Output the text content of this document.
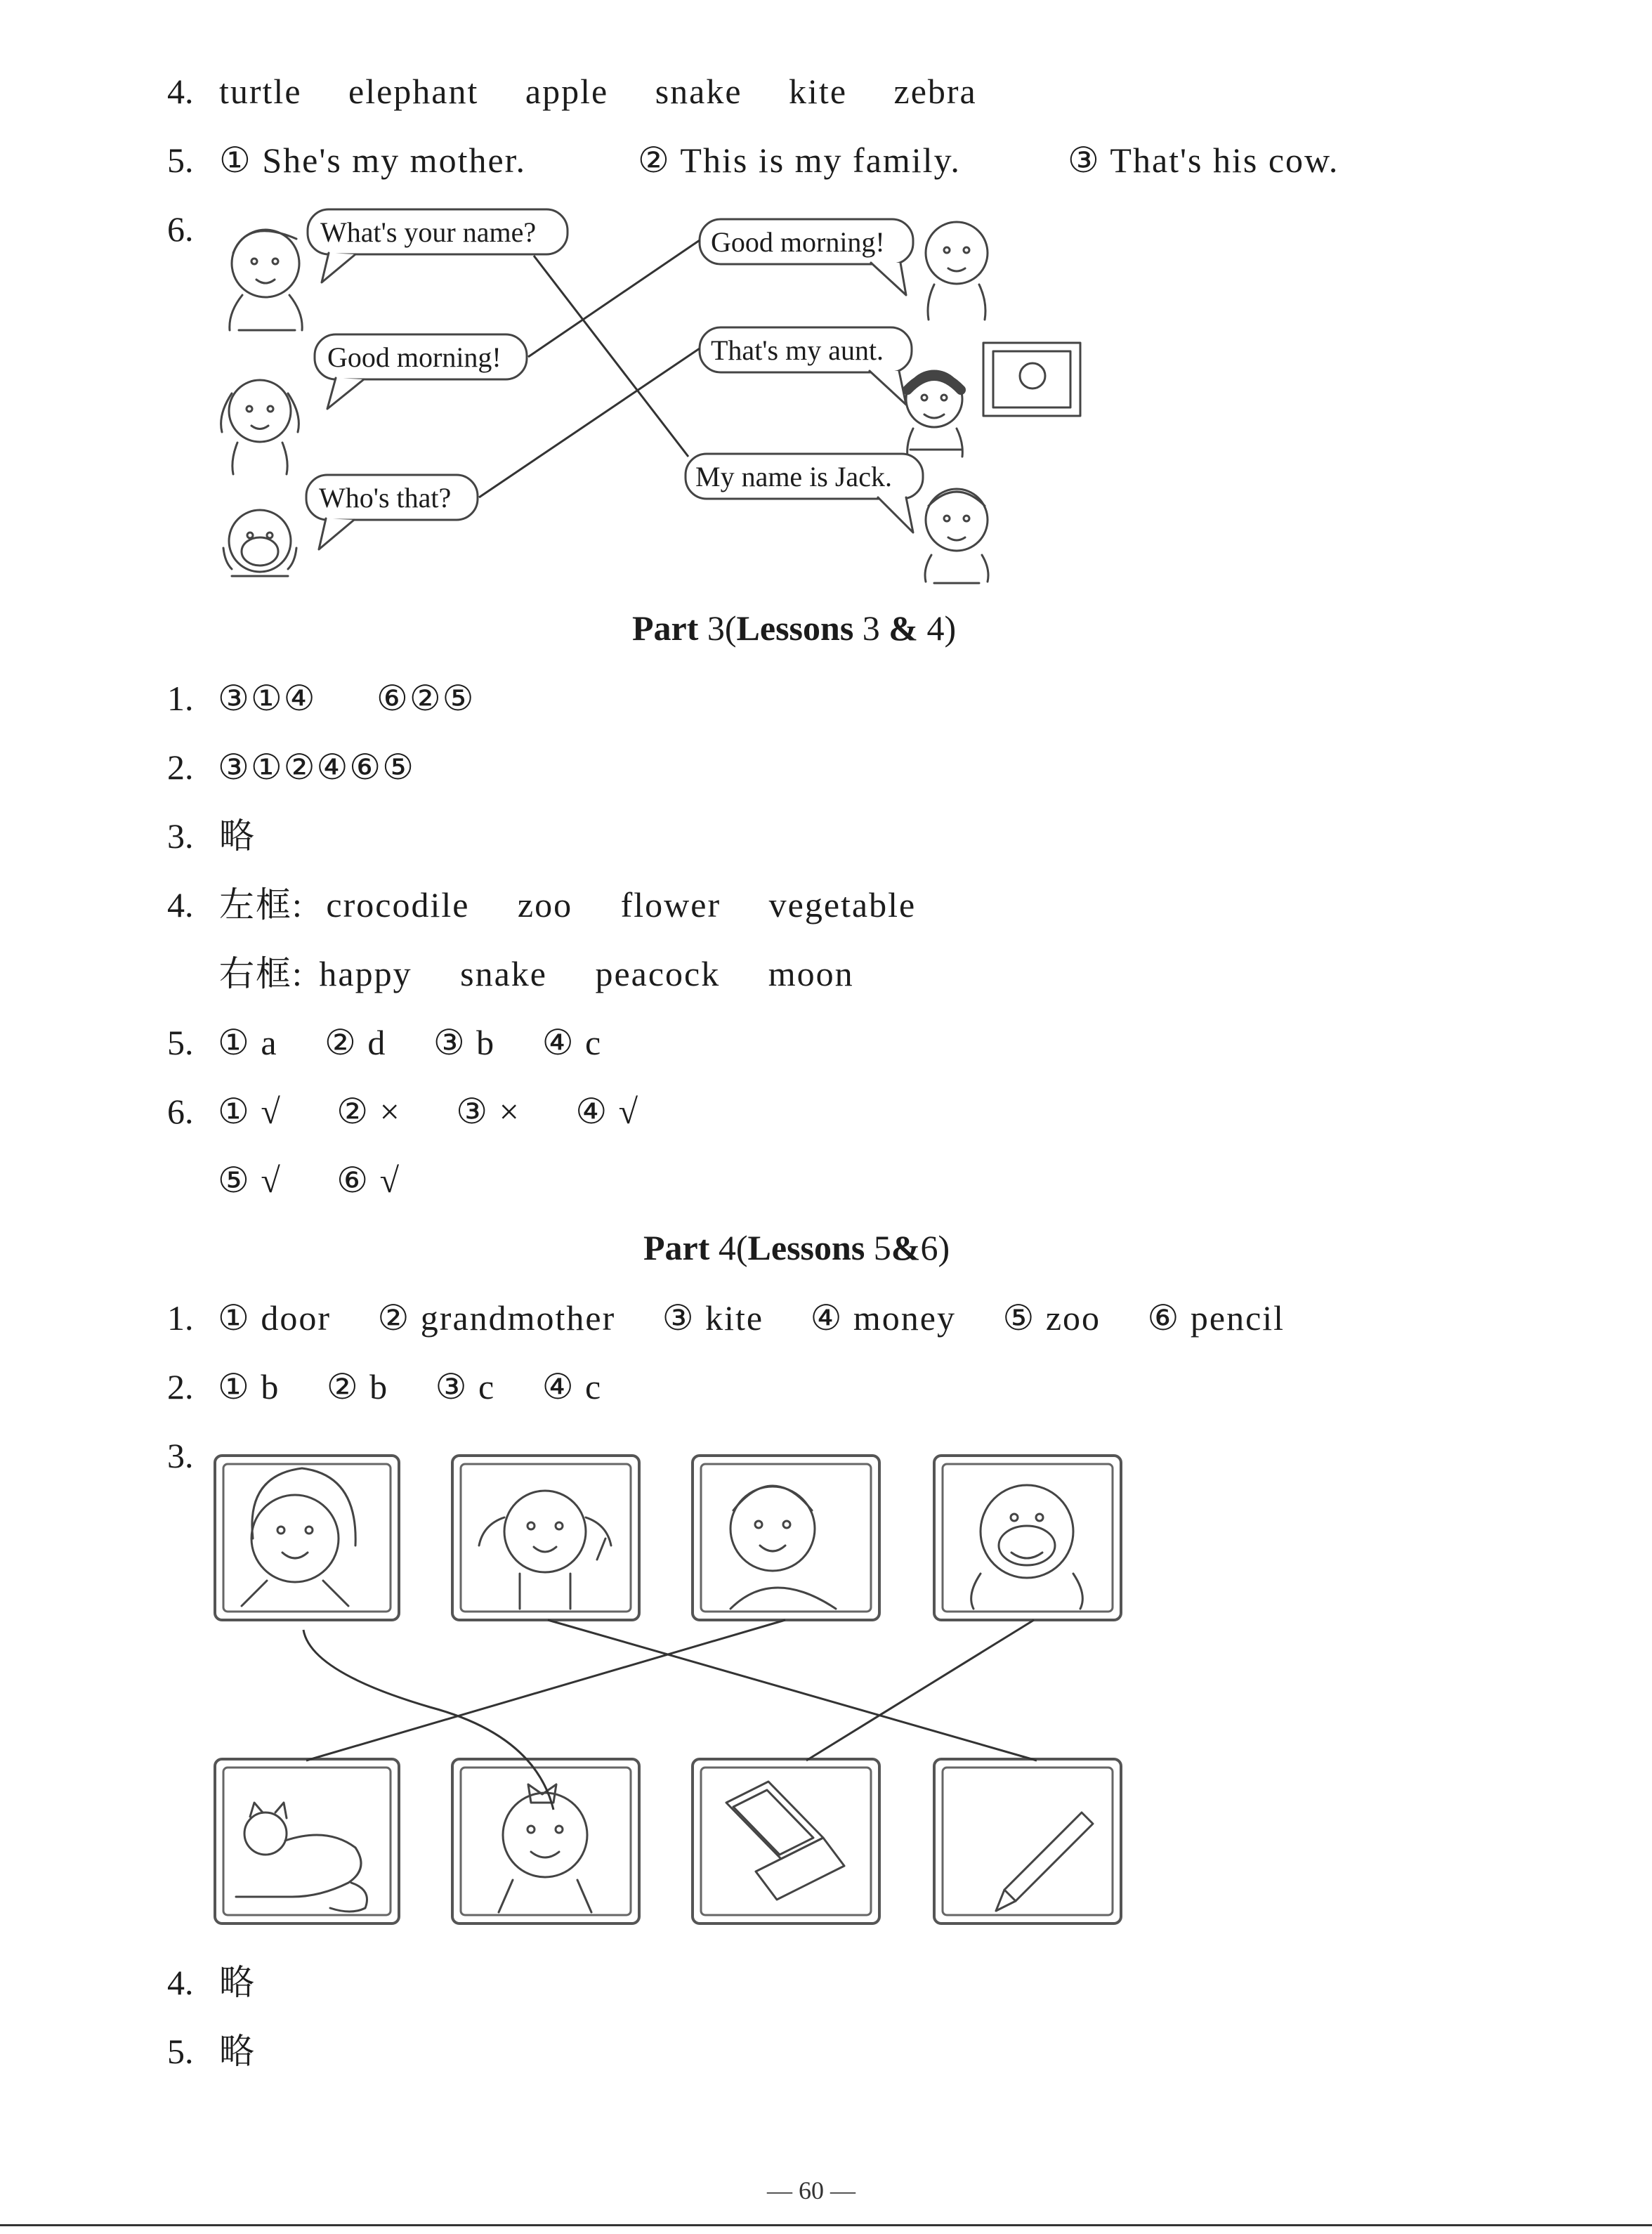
4. turtle elephant apple snake kite zebra
5. ① She's my mother.	② This is my family.	③ That's his cow.
6.	What's your name?
Good morning!
Who's that?
Good morning!
That's my aunt.
My name is Jack.
Part 3(Lessons 3 & 4)
1. ③①④ ⑥②⑤
2. ③①②④⑥⑤
3. 略
4. 左框: crocodile zoo flower vegetable
右框: happy snake peacock moon
5. ① a ② d ③ b ④ c
6. ① √ ② × ③ × ④ √
⑤ √ ⑥ √
Part 4(Lessons 5&6)
1. ① door ② grandmother ③ kite ④ money ⑤ zoo ⑥ pencil
2. ① b ② b ③ c ④ c
3.
4. 略
5. 略
— 60 —
